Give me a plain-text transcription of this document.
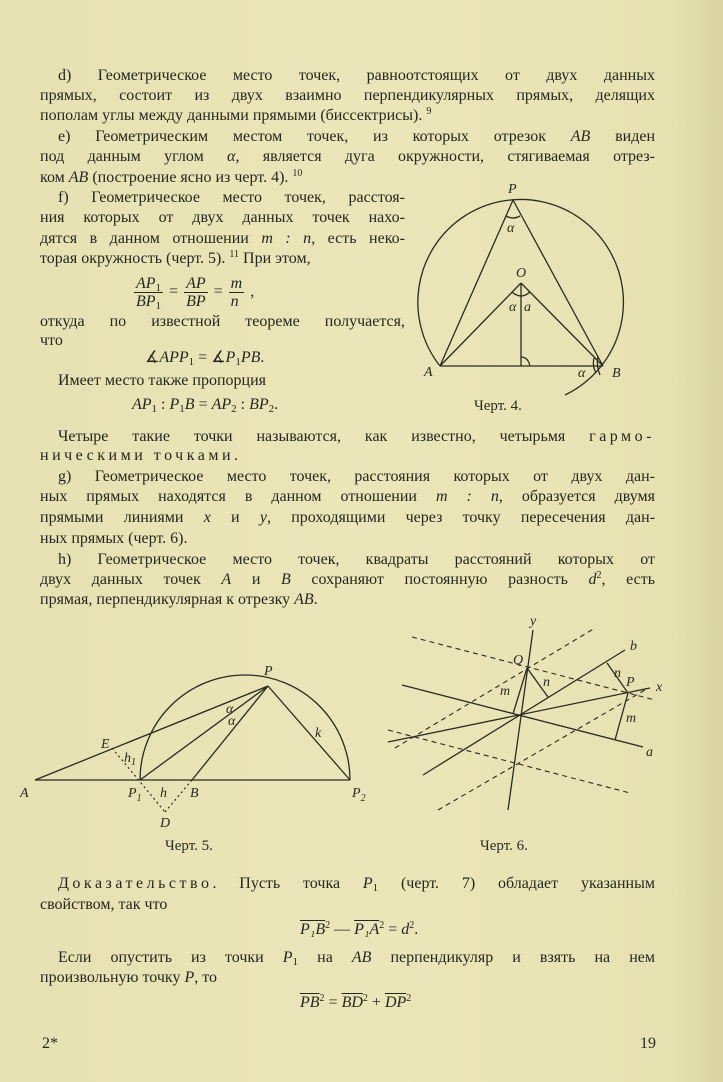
d) Геометрическое место точек, равноотстоящих от двух данных
прямых, состоит из двух взаимно перпендикулярных прямых, делящих
пополам углы между данными прямыми (биссектрисы). $^9$
e) Геометрическим местом точек, из которых отрезок AB виден
под данным углом α, является дуга окружности, стягиваемая отрез-
ком AB (построение ясно из черт. 4). $^{10}$
f) Геометрическое место точек, расстоя-
ния которых от двух данных точек нахо-
дятся в данном отношении m : n, есть неко-
торая окружность (черт. 5). $^{11}$ При этом,
$\frac{AP_1}{BP_1} = \frac{AP}{BP} = \frac{m}{n}$ ,
откуда по известной теореме получается,
что
$∡APP_1$ = $∡P_1PB$.
Имеет место также пропорция
$AP_1$ : $P_1B = AP_2$ : $BP_2$.
Четыре такие точки называются, как известно, четырьмя гармо-
ническими точками.
g) Геометрическое место точек, расстояния которых от двух дан-
ных прямых находятся в данном отношении m : n, образуется двумя
прямыми линиями x и y, проходящими через точку пересечения дан-
ных прямых (черт. 6).
h) Геометрическое место точек, квадраты расстояний которых от
двух данных точек A и B сохраняют постоянную разность $d^2$, есть
прямая, перпендикулярная к отрезку AB.
Доказательство. Пусть точка $P_1$ (черт. 7) обладает указанным
свойством, так что
$P_1B^2$ — $P_1A^2 = d^2$.
Если опустить из точки $P_1$ на AB перпендикуляр и взять на нем
произвольную точку P, то
$\overline{PB}^2 = \overline{BD}^2 + \overline{DP}^2$
P
α
O
α a
A	α B
Черт. 4.
P
α
α
k
E
$h_1$
A	$P_1$ h B	$P_2$
D
Черт. 5.
y
Q
b
n
n
P x
m
m
a
Черт. 6.
2*	19
